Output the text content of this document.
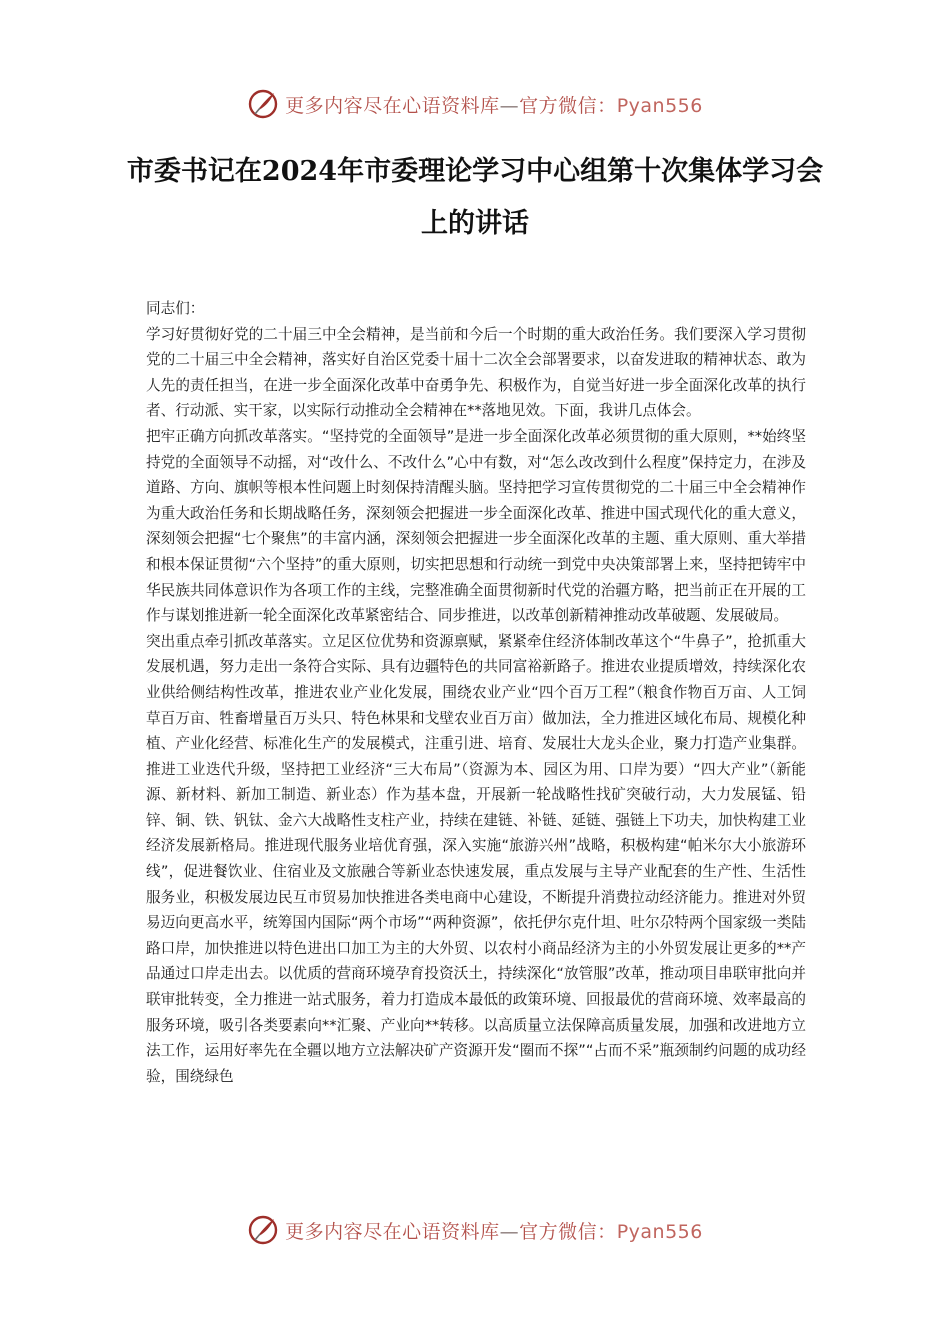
更多内容尽在心语资料库—官方微信：Pyan556
市委书记在2024年市委理论学习中心组第十次集体学习会上的讲话

同志们：

学习好贯彻好党的二十届三中全会精神，是当前和今后一个时期的重大政治任务。我们要深入学习贯彻党的二十届三中全会精神，落实好自治区党委十届十二次全会部署要求，以奋发进取的精神状态、敢为人先的责任担当，在进一步全面深化改革中奋勇争先、积极作为，自觉当好进一步全面深化改革的执行者、行动派、实干家，以实际行动推动全会精神在**落地见效。下面，我讲几点体会。

把牢正确方向抓改革落实。“坚持党的全面领导”是进一步全面深化改革必须贯彻的重大原则，**始终坚持党的全面领导不动摇，对“改什么、不改什么”心中有数，对“怎么改改到什么程度”保持定力，在涉及道路、方向、旗帜等根本性问题上时刻保持清醒头脑。坚持把学习宣传贯彻党的二十届三中全会精神作为重大政治任务和长期战略任务，深刻领会把握进一步全面深化改革、推进中国式现代化的重大意义，深刻领会把握“七个聚焦”的丰富内涵，深刻领会把握进一步全面深化改革的主题、重大原则、重大举措和根本保证贯彻“六个坚持”的重大原则，切实把思想和行动统一到党中央决策部署上来，坚持把铸牢中华民族共同体意识作为各项工作的主线，完整准确全面贯彻新时代党的治疆方略，把当前正在开展的工作与谋划推进新一轮全面深化改革紧密结合、同步推进，以改革创新精神推动改革破题、发展破局。

突出重点牵引抓改革落实。立足区位优势和资源禀赋，紧紧牵住经济体制改革这个“牛鼻子”，抢抓重大发展机遇，努力走出一条符合实际、具有边疆特色的共同富裕新路子。推进农业提质增效，持续深化农业供给侧结构性改革，推进农业产业化发展，围绕农业产业“四个百万工程”（粮食作物百万亩、人工饲草百万亩、牲畜增量百万头只、特色林果和戈壁农业百万亩）做加法，全力推进区域化布局、规模化种植、产业化经营、标准化生产的发展模式，注重引进、培育、发展壮大龙头企业，聚力打造产业集群。推进工业迭代升级，坚持把工业经济“三大布局”（资源为本、园区为用、口岸为要）“四大产业”（新能源、新材料、新加工制造、新业态）作为基本盘，开展新一轮战略性找矿突破行动，大力发展锰、铅锌、铜、铁、钒钛、金六大战略性支柱产业，持续在建链、补链、延链、强链上下功夫，加快构建工业经济发展新格局。推进现代服务业培优育强，深入实施“旅游兴州”战略，积极构建“帕米尔大小旅游环线”，促进餐饮业、住宿业及文旅融合等新业态快速发展，重点发展与主导产业配套的生产性、生活性服务业，积极发展边民互市贸易加快推进各类电商中心建设，不断提升消费拉动经济能力。推进对外贸易迈向更高水平，统筹国内国际“两个市场”“两种资源”，依托伊尔克什坦、吐尔尕特两个国家级一类陆路口岸，加快推进以特色进出口加工为主的大外贸、以农村小商品经济为主的小外贸发展让更多的**产品通过口岸走出去。以优质的营商环境孕育投资沃土，持续深化“放管服”改革，推动项目串联审批向并联审批转变，全力推进一站式服务，着力打造成本最低的政策环境、回报最优的营商环境、效率最高的服务环境，吸引各类要素向**汇聚、产业向**转移。以高质量立法保障高质量发展，加强和改进地方立法工作，运用好率先在全疆以地方立法解决矿产资源开发“圈而不探”“占而不采”瓶颈制约问题的成功经验，围绕绿色

更多内容尽在心语资料库—官方微信：Pyan556
